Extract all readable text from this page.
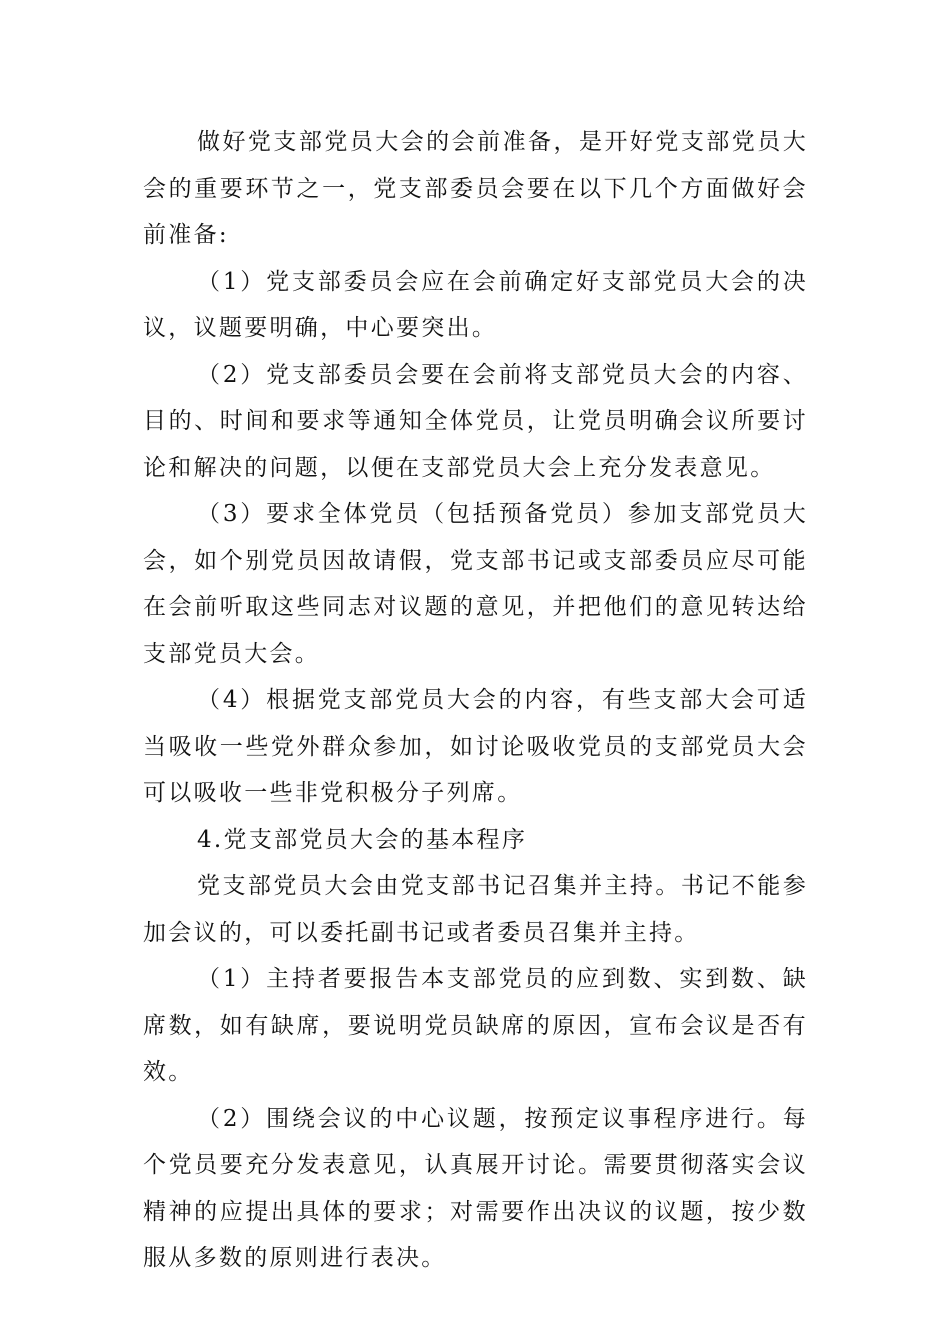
做好党支部党员大会的会前准备，是开好党支部党员大会的重要环节之一，党支部委员会要在以下几个方面做好会前准备:

（1）党支部委员会应在会前确定好支部党员大会的决议，议题要明确，中心要突出。

（2）党支部委员会要在会前将支部党员大会的内容、目的、时间和要求等通知全体党员，让党员明确会议所要讨论和解决的问题，以便在支部党员大会上充分发表意见。

（3）要求全体党员（包括预备党员）参加支部党员大会，如个别党员因故请假，党支部书记或支部委员应尽可能在会前听取这些同志对议题的意见，并把他们的意见转达给支部党员大会。

（4）根据党支部党员大会的内容，有些支部大会可适当吸收一些党外群众参加，如讨论吸收党员的支部党员大会可以吸收一些非党积极分子列席。

4.党支部党员大会的基本程序

党支部党员大会由党支部书记召集并主持。书记不能参加会议的，可以委托副书记或者委员召集并主持。

（1）主持者要报告本支部党员的应到数、实到数、缺席数，如有缺席，要说明党员缺席的原因，宣布会议是否有效。

（2）围绕会议的中心议题，按预定议事程序进行。每个党员要充分发表意见，认真展开讨论。需要贯彻落实会议精神的应提出具体的要求；对需要作出决议的议题，按少数服从多数的原则进行表决。
